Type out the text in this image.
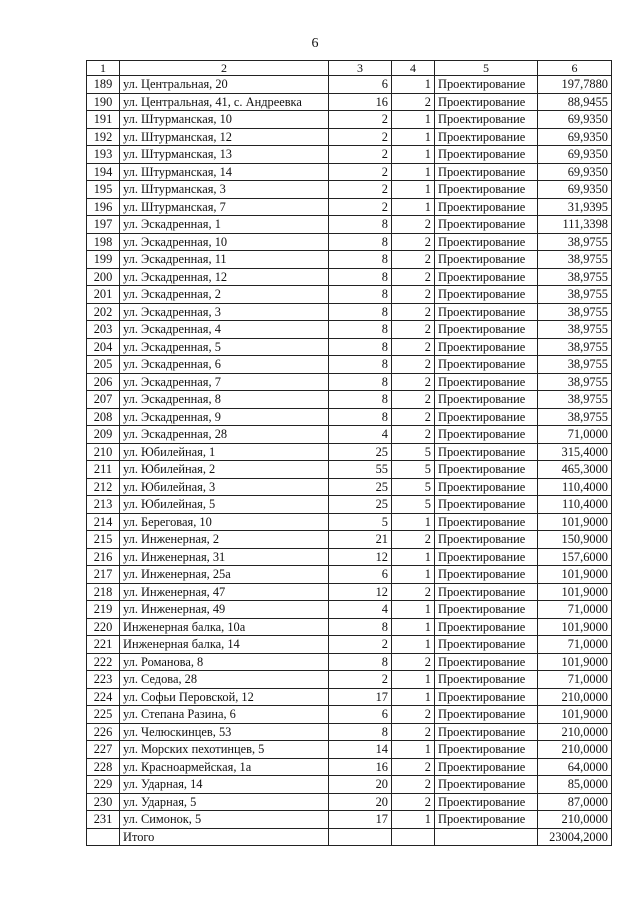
6
1	2	3	4	5	6
189	ул. Центральная, 20	6	1	Проектирование	197,7880
190	ул. Центральная, 41, с. Андреевка	16	2	Проектирование	88,9455
191	ул. Штурманская, 10	2	1	Проектирование	69,9350
192	ул. Штурманская, 12	2	1	Проектирование	69,9350
193	ул. Штурманская, 13	2	1	Проектирование	69,9350
194	ул. Штурманская, 14	2	1	Проектирование	69,9350
195	ул. Штурманская, 3	2	1	Проектирование	69,9350
196	ул. Штурманская, 7	2	1	Проектирование	31,9395
197	ул. Эскадренная, 1	8	2	Проектирование	111,3398
198	ул. Эскадренная, 10	8	2	Проектирование	38,9755
199	ул. Эскадренная, 11	8	2	Проектирование	38,9755
200	ул. Эскадренная, 12	8	2	Проектирование	38,9755
201	ул. Эскадренная, 2	8	2	Проектирование	38,9755
202	ул. Эскадренная, 3	8	2	Проектирование	38,9755
203	ул. Эскадренная, 4	8	2	Проектирование	38,9755
204	ул. Эскадренная, 5	8	2	Проектирование	38,9755
205	ул. Эскадренная, 6	8	2	Проектирование	38,9755
206	ул. Эскадренная, 7	8	2	Проектирование	38,9755
207	ул. Эскадренная, 8	8	2	Проектирование	38,9755
208	ул. Эскадренная, 9	8	2	Проектирование	38,9755
209	ул. Эскадренная, 28	4	2	Проектирование	71,0000
210	ул. Юбилейная, 1	25	5	Проектирование	315,4000
211	ул. Юбилейная, 2	55	5	Проектирование	465,3000
212	ул. Юбилейная, 3	25	5	Проектирование	110,4000
213	ул. Юбилейная, 5	25	5	Проектирование	110,4000
214	ул. Береговая, 10	5	1	Проектирование	101,9000
215	ул. Инженерная, 2	21	2	Проектирование	150,9000
216	ул. Инженерная, 31	12	1	Проектирование	157,6000
217	ул. Инженерная, 25а	6	1	Проектирование	101,9000
218	ул. Инженерная, 47	12	2	Проектирование	101,9000
219	ул. Инженерная, 49	4	1	Проектирование	71,0000
220	Инженерная балка, 10а	8	1	Проектирование	101,9000
221	Инженерная балка, 14	2	1	Проектирование	71,0000
222	ул. Романова, 8	8	2	Проектирование	101,9000
223	ул. Седова, 28	2	1	Проектирование	71,0000
224	ул. Софьи Перовской, 12	17	1	Проектирование	210,0000
225	ул. Степана Разина, 6	6	2	Проектирование	101,9000
226	ул. Челюскинцев, 53	8	2	Проектирование	210,0000
227	ул. Морских пехотинцев, 5	14	1	Проектирование	210,0000
228	ул. Красноармейская, 1а	16	2	Проектирование	64,0000
229	ул. Ударная, 14	20	2	Проектирование	85,0000
230	ул. Ударная, 5	20	2	Проектирование	87,0000
231	ул. Симонок, 5	17	1	Проектирование	210,0000
	Итого				23004,2000
